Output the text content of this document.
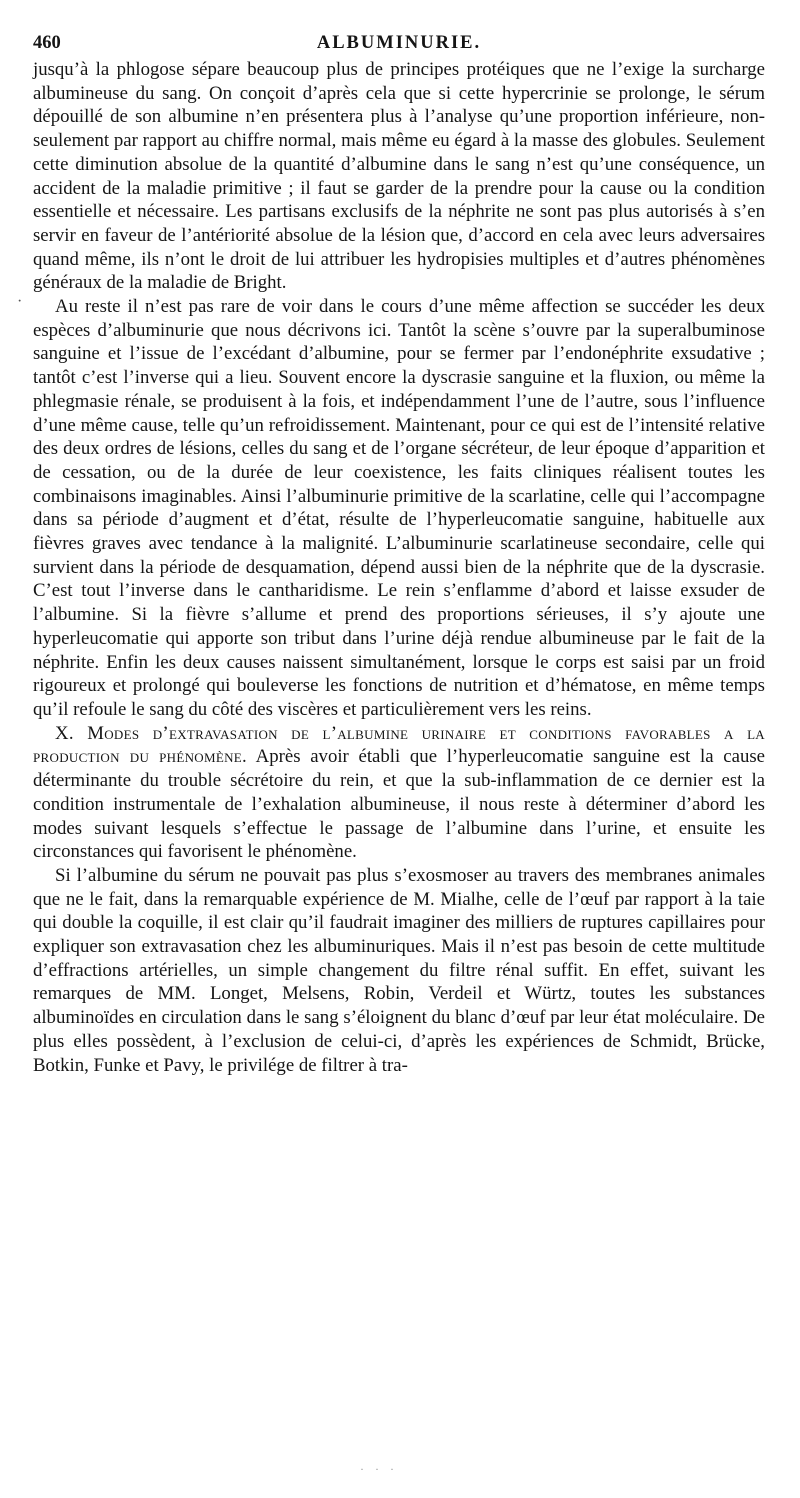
460	ALBUMINURIE.
·

jusqu’à la phlogose sépare beaucoup plus de principes protéiques que ne l’exige la surcharge albumineuse du sang. On conçoit d’après cela que si cette hypercrinie se prolonge, le sérum dépouillé de son albumine n’en présentera plus à l’analyse qu’une proportion inférieure, non-seulement par rapport au chiffre normal, mais même eu égard à la masse des globules. Seulement cette diminution absolue de la quantité d’albumine dans le sang n’est qu’une conséquence, un accident de la maladie primitive ; il faut se garder de la prendre pour la cause ou la condition essentielle et nécessaire. Les partisans exclusifs de la néphrite ne sont pas plus autorisés à s’en servir en faveur de l’antériorité absolue de la lésion que, d’accord en cela avec leurs adversaires quand même, ils n’ont le droit de lui attribuer les hydropisies multiples et d’autres phénomènes généraux de la maladie de Bright.

Au reste il n’est pas rare de voir dans le cours d’une même affection se succéder les deux espèces d’albuminurie que nous décrivons ici. Tantôt la scène s’ouvre par la superalbuminose sanguine et l’issue de l’excédant d’albumine, pour se fermer par l’endonéphrite exsudative ; tantôt c’est l’inverse qui a lieu. Souvent encore la dyscrasie sanguine et la fluxion, ou même la phlegmasie rénale, se produisent à la fois, et indépendamment l’une de l’autre, sous l’influence d’une même cause, telle qu’un refroidissement. Maintenant, pour ce qui est de l’intensité relative des deux ordres de lésions, celles du sang et de l’organe sécréteur, de leur époque d’apparition et de cessation, ou de la durée de leur coexistence, les faits cliniques réalisent toutes les combinaisons imaginables. Ainsi l’albuminurie primitive de la scarlatine, celle qui l’accompagne dans sa période d’augment et d’état, résulte de l’hyperleucomatie sanguine, habituelle aux fièvres graves avec tendance à la malignité. L’albuminurie scarlatineuse secondaire, celle qui survient dans la période de desquamation, dépend aussi bien de la néphrite que de la dyscrasie. C’est tout l’inverse dans le cantharidisme. Le rein s’enflamme d’abord et laisse exsuder de l’albumine. Si la fièvre s’allume et prend des proportions sérieuses, il s’y ajoute une hyperleucomatie qui apporte son tribut dans l’urine déjà rendue albumineuse par le fait de la néphrite. Enfin les deux causes naissent simultanément, lorsque le corps est saisi par un froid rigoureux et prolongé qui bouleverse les fonctions de nutrition et d’hématose, en même temps qu’il refoule le sang du côté des viscères et particulièrement vers les reins.

X. Modes d’extravasation de l’albumine urinaire et conditions favorables a la production du phénomène. Après avoir établi que l’hyperleucomatie sanguine est la cause déterminante du trouble sécrétoire du rein, et que la sub-inflammation de ce dernier est la condition instrumentale de l’exhalation albumineuse, il nous reste à déterminer d’abord les modes suivant lesquels s’effectue le passage de l’albumine dans l’urine, et ensuite les circonstances qui favorisent le phénomène.

Si l’albumine du sérum ne pouvait pas plus s’exosmoser au travers des membranes animales que ne le fait, dans la remarquable expérience de M. Mialhe, celle de l’œuf par rapport à la taie qui double la coquille, il est clair qu’il faudrait imaginer des milliers de ruptures capillaires pour expliquer son extravasation chez les albuminuriques. Mais il n’est pas besoin de cette multitude d’effractions artérielles, un simple changement du filtre rénal suffit. En effet, suivant les remarques de MM. Longet, Melsens, Robin, Verdeil et Würtz, toutes les substances albuminoïdes en circulation dans le sang s’éloignent du blanc d’œuf par leur état moléculaire. De plus elles possèdent, à l’exclusion de celui-ci, d’après les expériences de Schmidt, Brücke, Botkin, Funke et Pavy, le privilége de filtrer à tra-

· · ·
